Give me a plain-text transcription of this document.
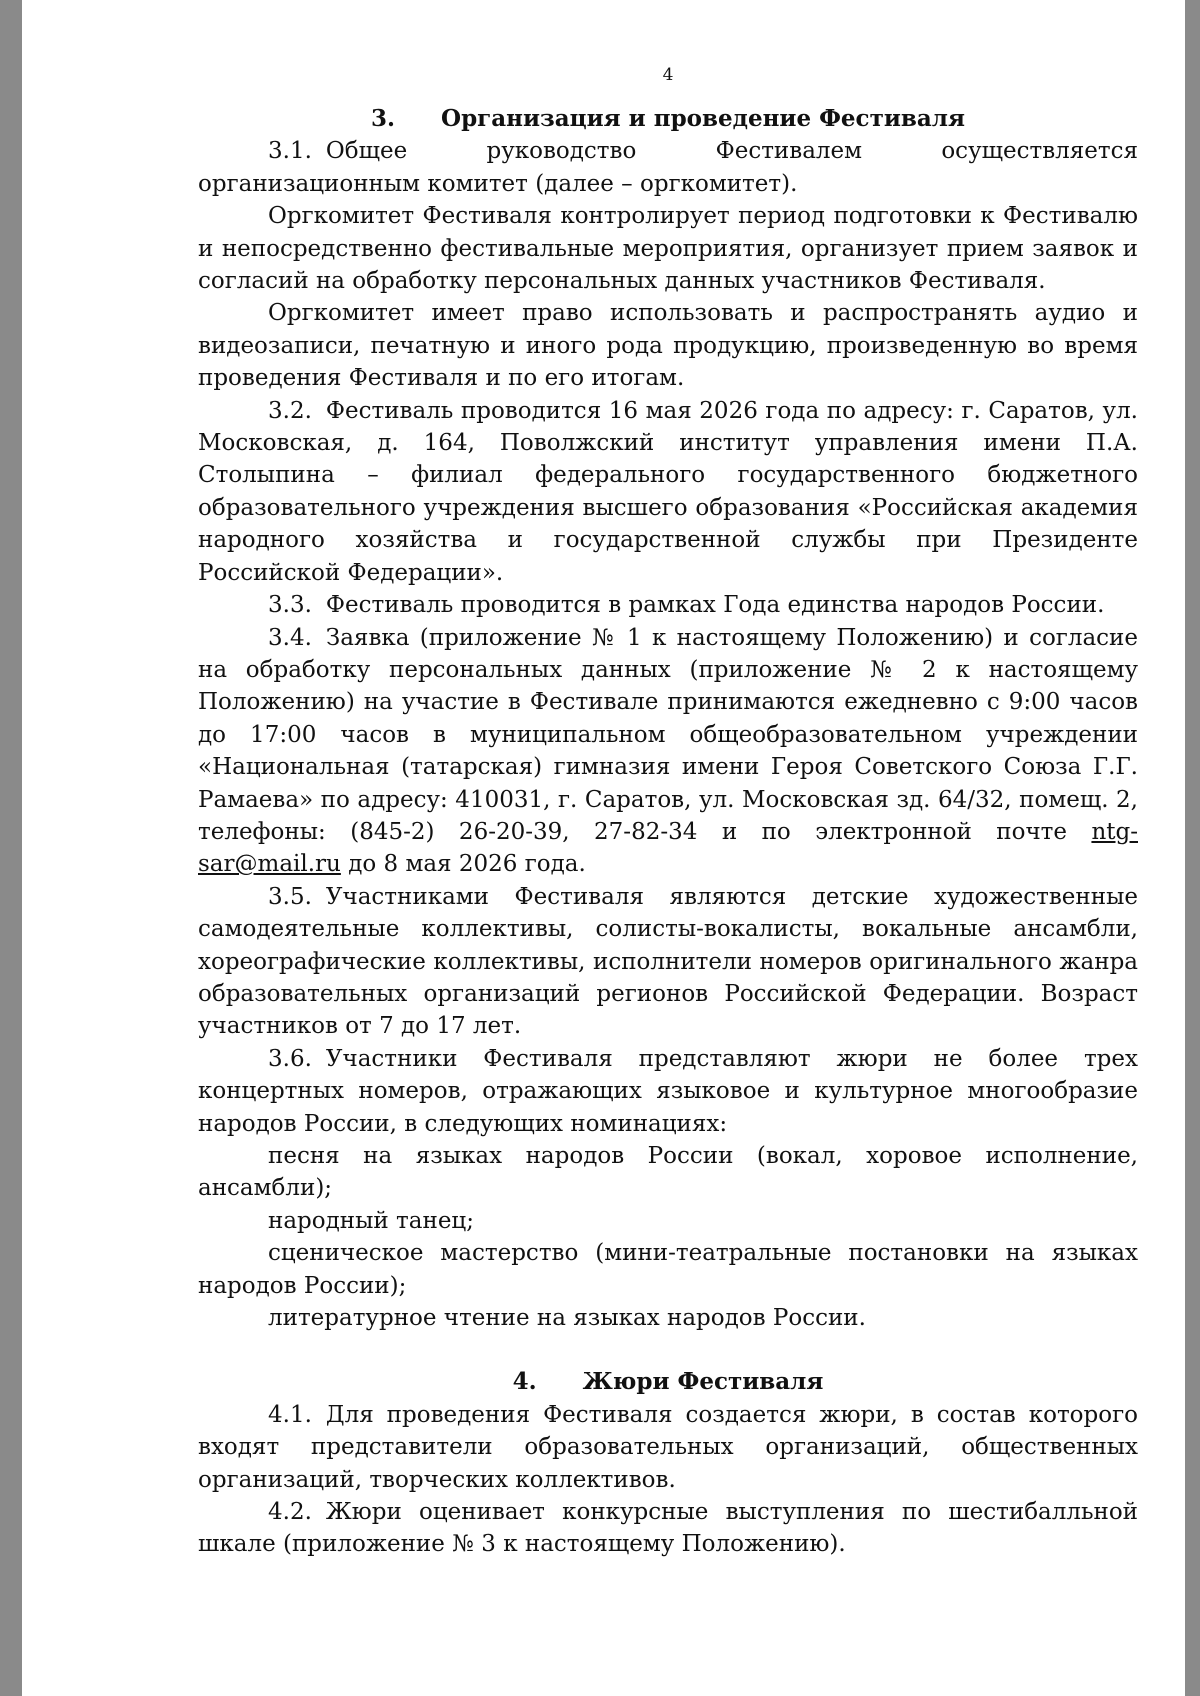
4

3. Организация и проведение Фестиваля

3.1. Общее руководство Фестивалем осуществляется организационным комитет (далее – оргкомитет).

Оргкомитет Фестиваля контролирует период подготовки к Фестивалю и непосредственно фестивальные мероприятия, организует прием заявок и согласий на обработку персональных данных участников Фестиваля.

Оргкомитет имеет право использовать и распространять аудио и видеозаписи, печатную и иного рода продукцию, произведенную во время проведения Фестиваля и по его итогам.

3.2. Фестиваль проводится 16 мая 2026 года по адресу: г. Саратов, ул. Московская, д. 164, Поволжский институт управления имени П.А. Столыпина – филиал федерального государственного бюджетного образовательного учреждения высшего образования «Российская академия народного хозяйства и государственной службы при Президенте Российской Федерации».

3.3. Фестиваль проводится в рамках Года единства народов России.

3.4. Заявка (приложение № 1 к настоящему Положению) и согласие на обработку персональных данных (приложение № 2 к настоящему Положению) на участие в Фестивале принимаются ежедневно с 9:00 часов до 17:00 часов в муниципальном общеобразовательном учреждении «Национальная (татарская) гимназия имени Героя Советского Союза Г.Г. Рамаева» по адресу: 410031, г. Саратов, ул. Московская зд. 64/32, помещ. 2, телефоны: (845-2) 26-20-39, 27-82-34 и по электронной почте ntg-sar@mail.ru до 8 мая 2026 года.

3.5. Участниками Фестиваля являются детские художественные самодеятельные коллективы, солисты-вокалисты, вокальные ансамбли, хореографические коллективы, исполнители номеров оригинального жанра образовательных организаций регионов Российской Федерации. Возраст участников от 7 до 17 лет.

3.6. Участники Фестиваля представляют жюри не более трех концертных номеров, отражающих языковое и культурное многообразие народов России, в следующих номинациях:

песня на языках народов России (вокал, хоровое исполнение, ансамбли);

народный танец;

сценическое мастерство (мини-театральные постановки на языках народов России);

литературное чтение на языках народов России.

4. Жюри Фестиваля

4.1. Для проведения Фестиваля создается жюри, в состав которого входят представители образовательных организаций, общественных организаций, творческих коллективов.

4.2. Жюри оценивает конкурсные выступления по шестибалльной шкале (приложение № 3 к настоящему Положению).
